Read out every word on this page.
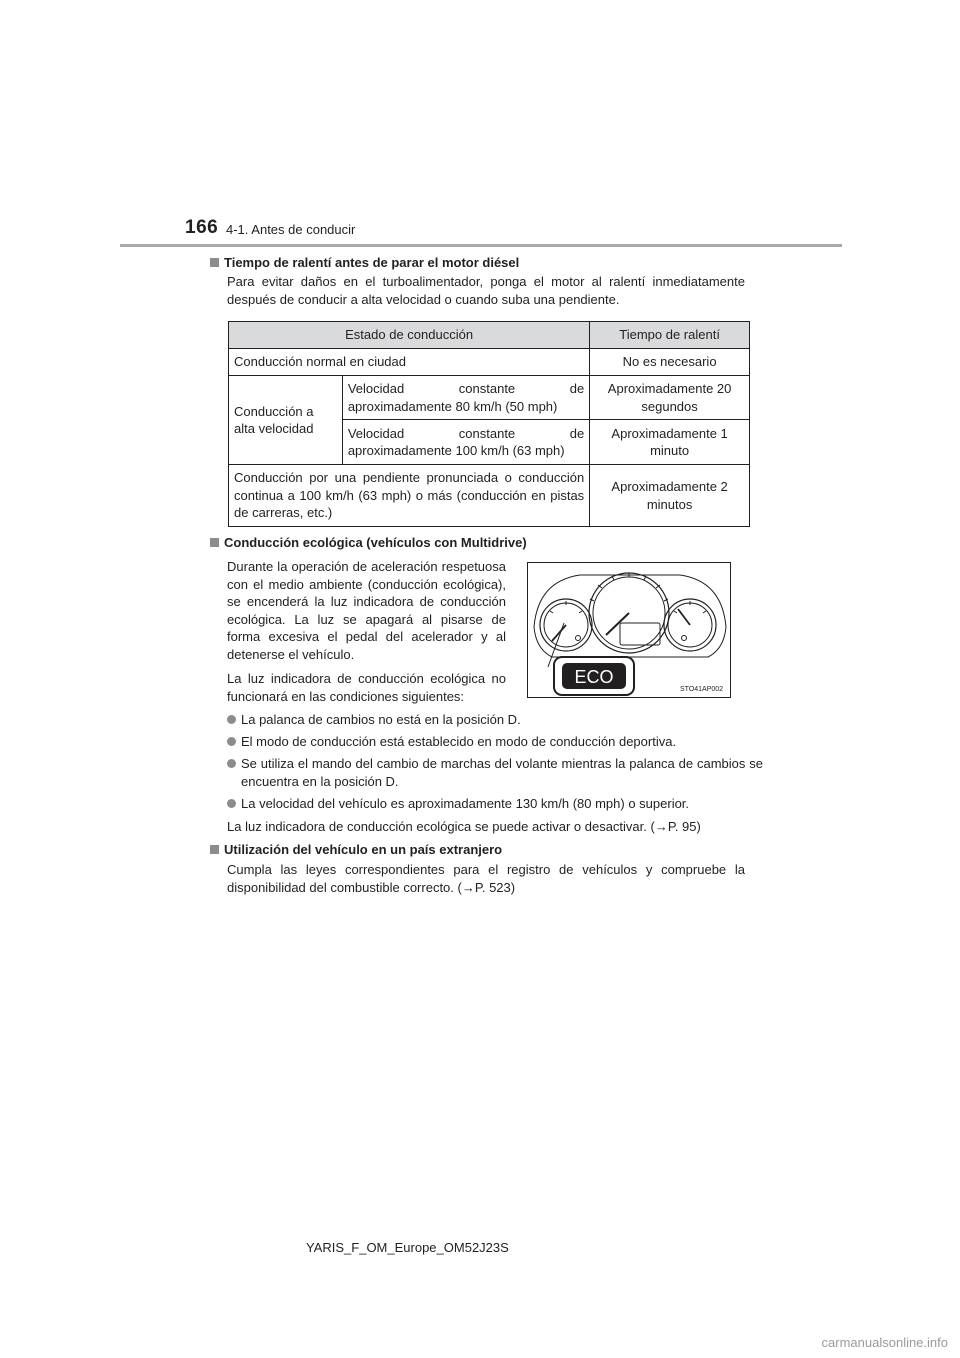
166 4-1. Antes de conducir
Tiempo de ralentí antes de parar el motor diésel
Para evitar daños en el turboalimentador, ponga el motor al ralentí inmediatamente después de conducir a alta velocidad o cuando suba una pendiente.
Estado de conducción		Tiempo de ralentí
Conducción normal en ciudad		No es necesario
Conducción a alta velocidad	Velocidad constante de aproximadamente 80 km/h (50 mph)	Aproximadamente 20 segundos
	Velocidad constante de aproximadamente 100 km/h (63 mph)	Aproximadamente 1 minuto
Conducción por una pendiente pronunciada o conducción continua a 100 km/h (63 mph) o más (conducción en pistas de carreras, etc.)		Aproximadamente 2 minutos
Conducción ecológica (vehículos con Multidrive)
Durante la operación de aceleración respetuosa con el medio ambiente (conducción ecológica), se encenderá la luz indicadora de conducción ecológica. La luz se apagará al pisarse de forma excesiva el pedal del acelerador y al detenerse el vehículo.
La luz indicadora de conducción ecológica no funcionará en las condiciones siguientes:
ECO
STO41AP002
La palanca de cambios no está en la posición D.
El modo de conducción está establecido en modo de conducción deportiva.
Se utiliza el mando del cambio de marchas del volante mientras la palanca de cambios se encuentra en la posición D.
La velocidad del vehículo es aproximadamente 130 km/h (80 mph) o superior.
La luz indicadora de conducción ecológica se puede activar o desactivar. (→P. 95)
Utilización del vehículo en un país extranjero
Cumpla las leyes correspondientes para el registro de vehículos y compruebe la disponibilidad del combustible correcto. (→P. 523)
YARIS_F_OM_Europe_OM52J23S
carmanualsonline.info
